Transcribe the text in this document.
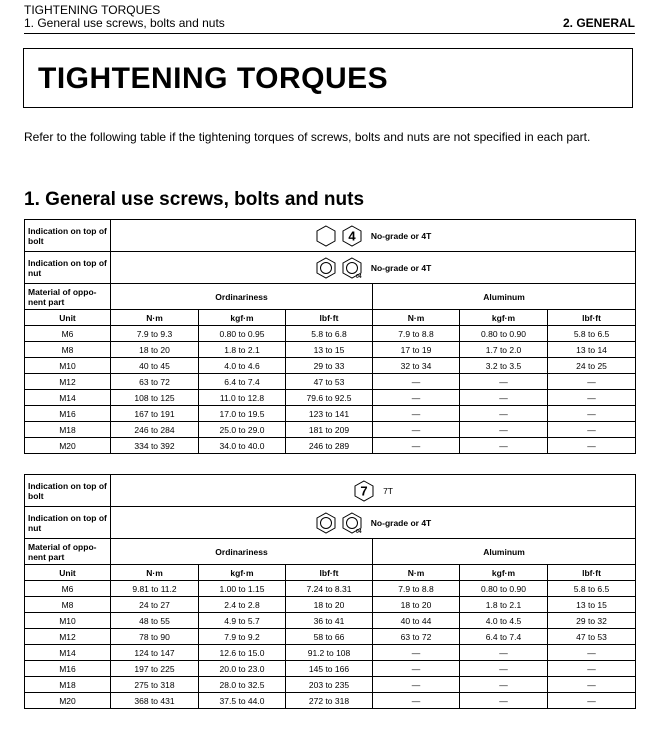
TIGHTENING TORQUES
1. General use screws, bolts and nuts	2. GENERAL
TIGHTENING TORQUES
Refer to the following table if the tightening torques of screws, bolts and nuts are not specified in each part.
1. General use screws, bolts and nuts
Indication on top of bolt	4 No-grade or 4T					

Indication on top of nut	04
No-grade or 4T					

Material of oppo-nent part	Ordinariness			Aluminum		
Unit	N·m	kgf·m	lbf·ft	N·m	kgf·m	lbf·ft
M6	7.9 to 9.3	0.80 to 0.95	5.8 to 6.8	7.9 to 8.8	0.80 to 0.90	5.8 to 6.5
M8	18 to 20	1.8 to 2.1	13 to 15	17 to 19	1.7 to 2.0	13 to 14
M10	40 to 45	4.0 to 4.6	29 to 33	32 to 34	3.2 to 3.5	24 to 25
M12	63 to 72	6.4 to 7.4	47 to 53	—	—	—
M14	108 to 125	11.0 to 12.8	79.6 to 92.5	—	—	—
M16	167 to 191	17.0 to 19.5	123 to 141	—	—	—
M18	246 to 284	25.0 to 29.0	181 to 209	—	—	—
M20	334 to 392	34.0 to 40.0	246 to 289	—	—	—
Indication on top of bolt	7 7T					

Indication on top of nut	04
No-grade or 4T					

Material of oppo-nent part	Ordinariness			Aluminum		
Unit	N·m	kgf·m	lbf·ft	N·m	kgf·m	lbf·ft
M6	9.81 to 11.2	1.00 to 1.15	7.24 to 8.31	7.9 to 8.8	0.80 to 0.90	5.8 to 6.5
M8	24 to 27	2.4 to 2.8	18 to 20	18 to 20	1.8 to 2.1	13 to 15
M10	48 to 55	4.9 to 5.7	36 to 41	40 to 44	4.0 to 4.5	29 to 32
M12	78 to 90	7.9 to 9.2	58 to 66	63 to 72	6.4 to 7.4	47 to 53
M14	124 to 147	12.6 to 15.0	91.2 to 108	—	—	—
M16	197 to 225	20.0 to 23.0	145 to 166	—	—	—
M18	275 to 318	28.0 to 32.5	203 to 235	—	—	—
M20	368 to 431	37.5 to 44.0	272 to 318	—	—	—
